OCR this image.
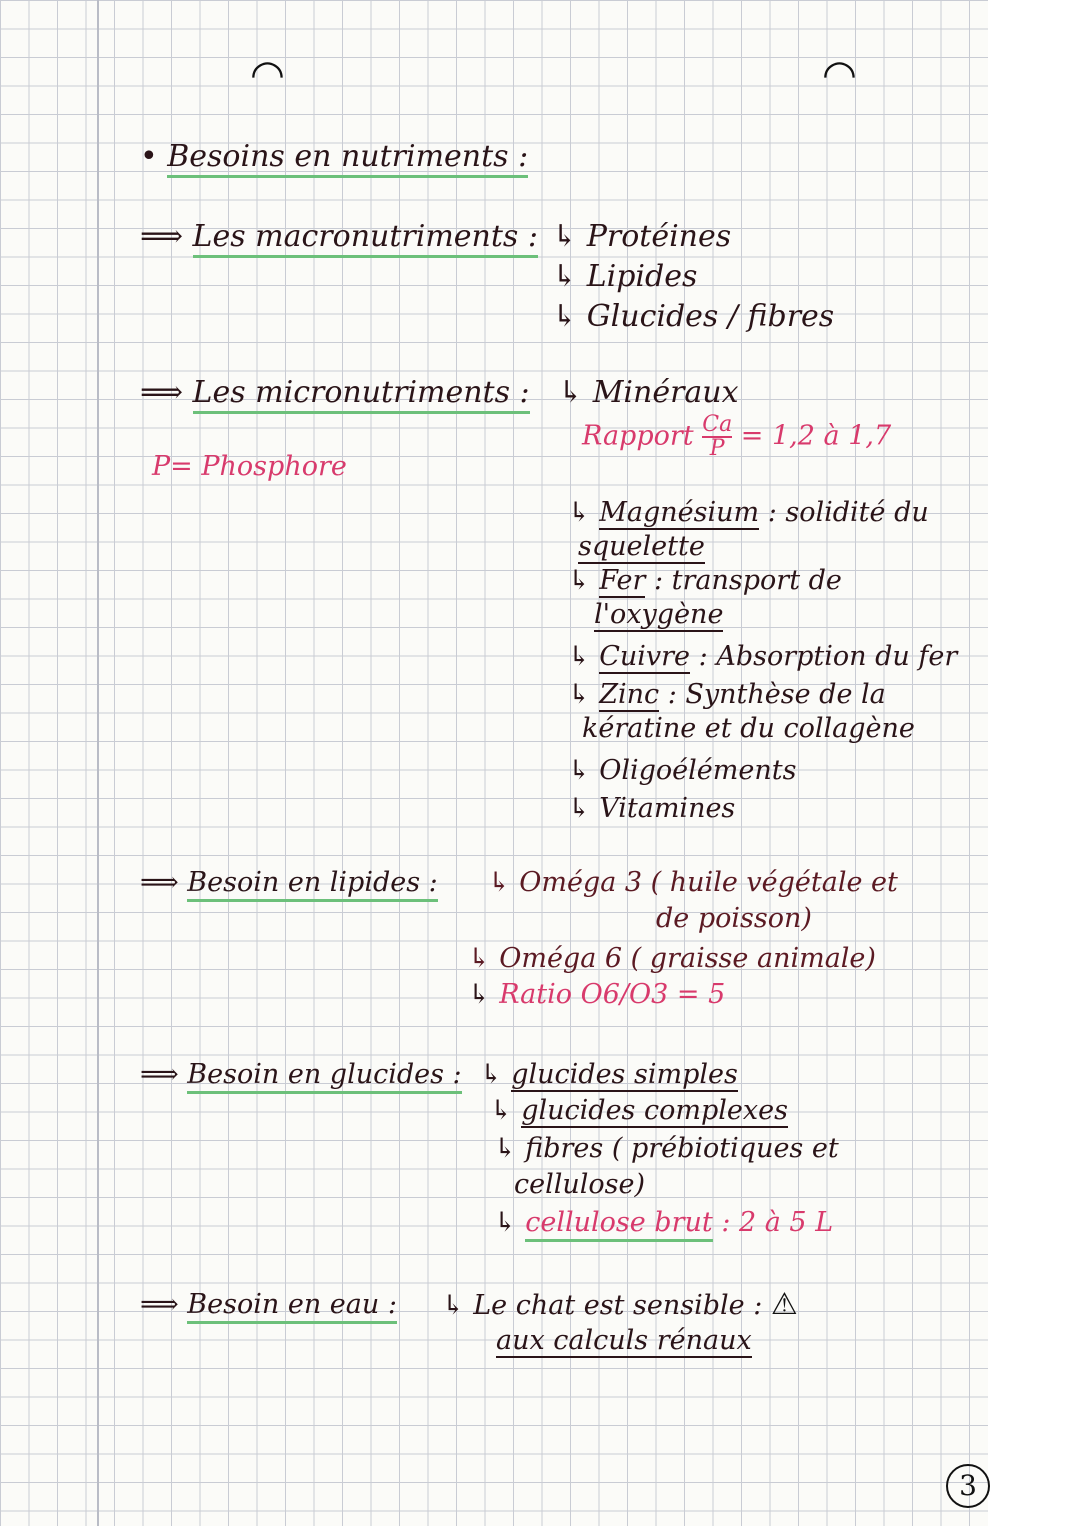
◠	◠
• Besoins en nutriments :
⟹ Les macronutriments : ↳ Protéines
↳ Lipides
↳ Glucides / fibres
⟹ Les micronutriments : ↳ Minéraux
Rapport $\frac{Ca}{P} = 1,2$ à 1,7
P= Phosphore
↳ Magnésium : solidité du
squelette
↳ Fer : transport de
l'oxygène
↳ Cuivre : Absorption du fer
↳ Zinc : Synthèse de la
kératine et du collagène
↳ Oligoéléments
↳ Vitamines
⟹ Besoin en lipides : ↳ Oméga 3 ( huile végétale et
de poisson)
↳ Oméga 6 ( graisse animale)
↳ Ratio O6/O3 = 5
⟹ Besoin en glucides : ↳ glucides simples
↳ glucides complexes
↳ fibres ( prébiotiques et
cellulose)
↳ cellulose brut : 2 à 5 L
⟹ Besoin en eau : ↳ Le chat est sensible : ⚠
aux calculs rénaux
3
